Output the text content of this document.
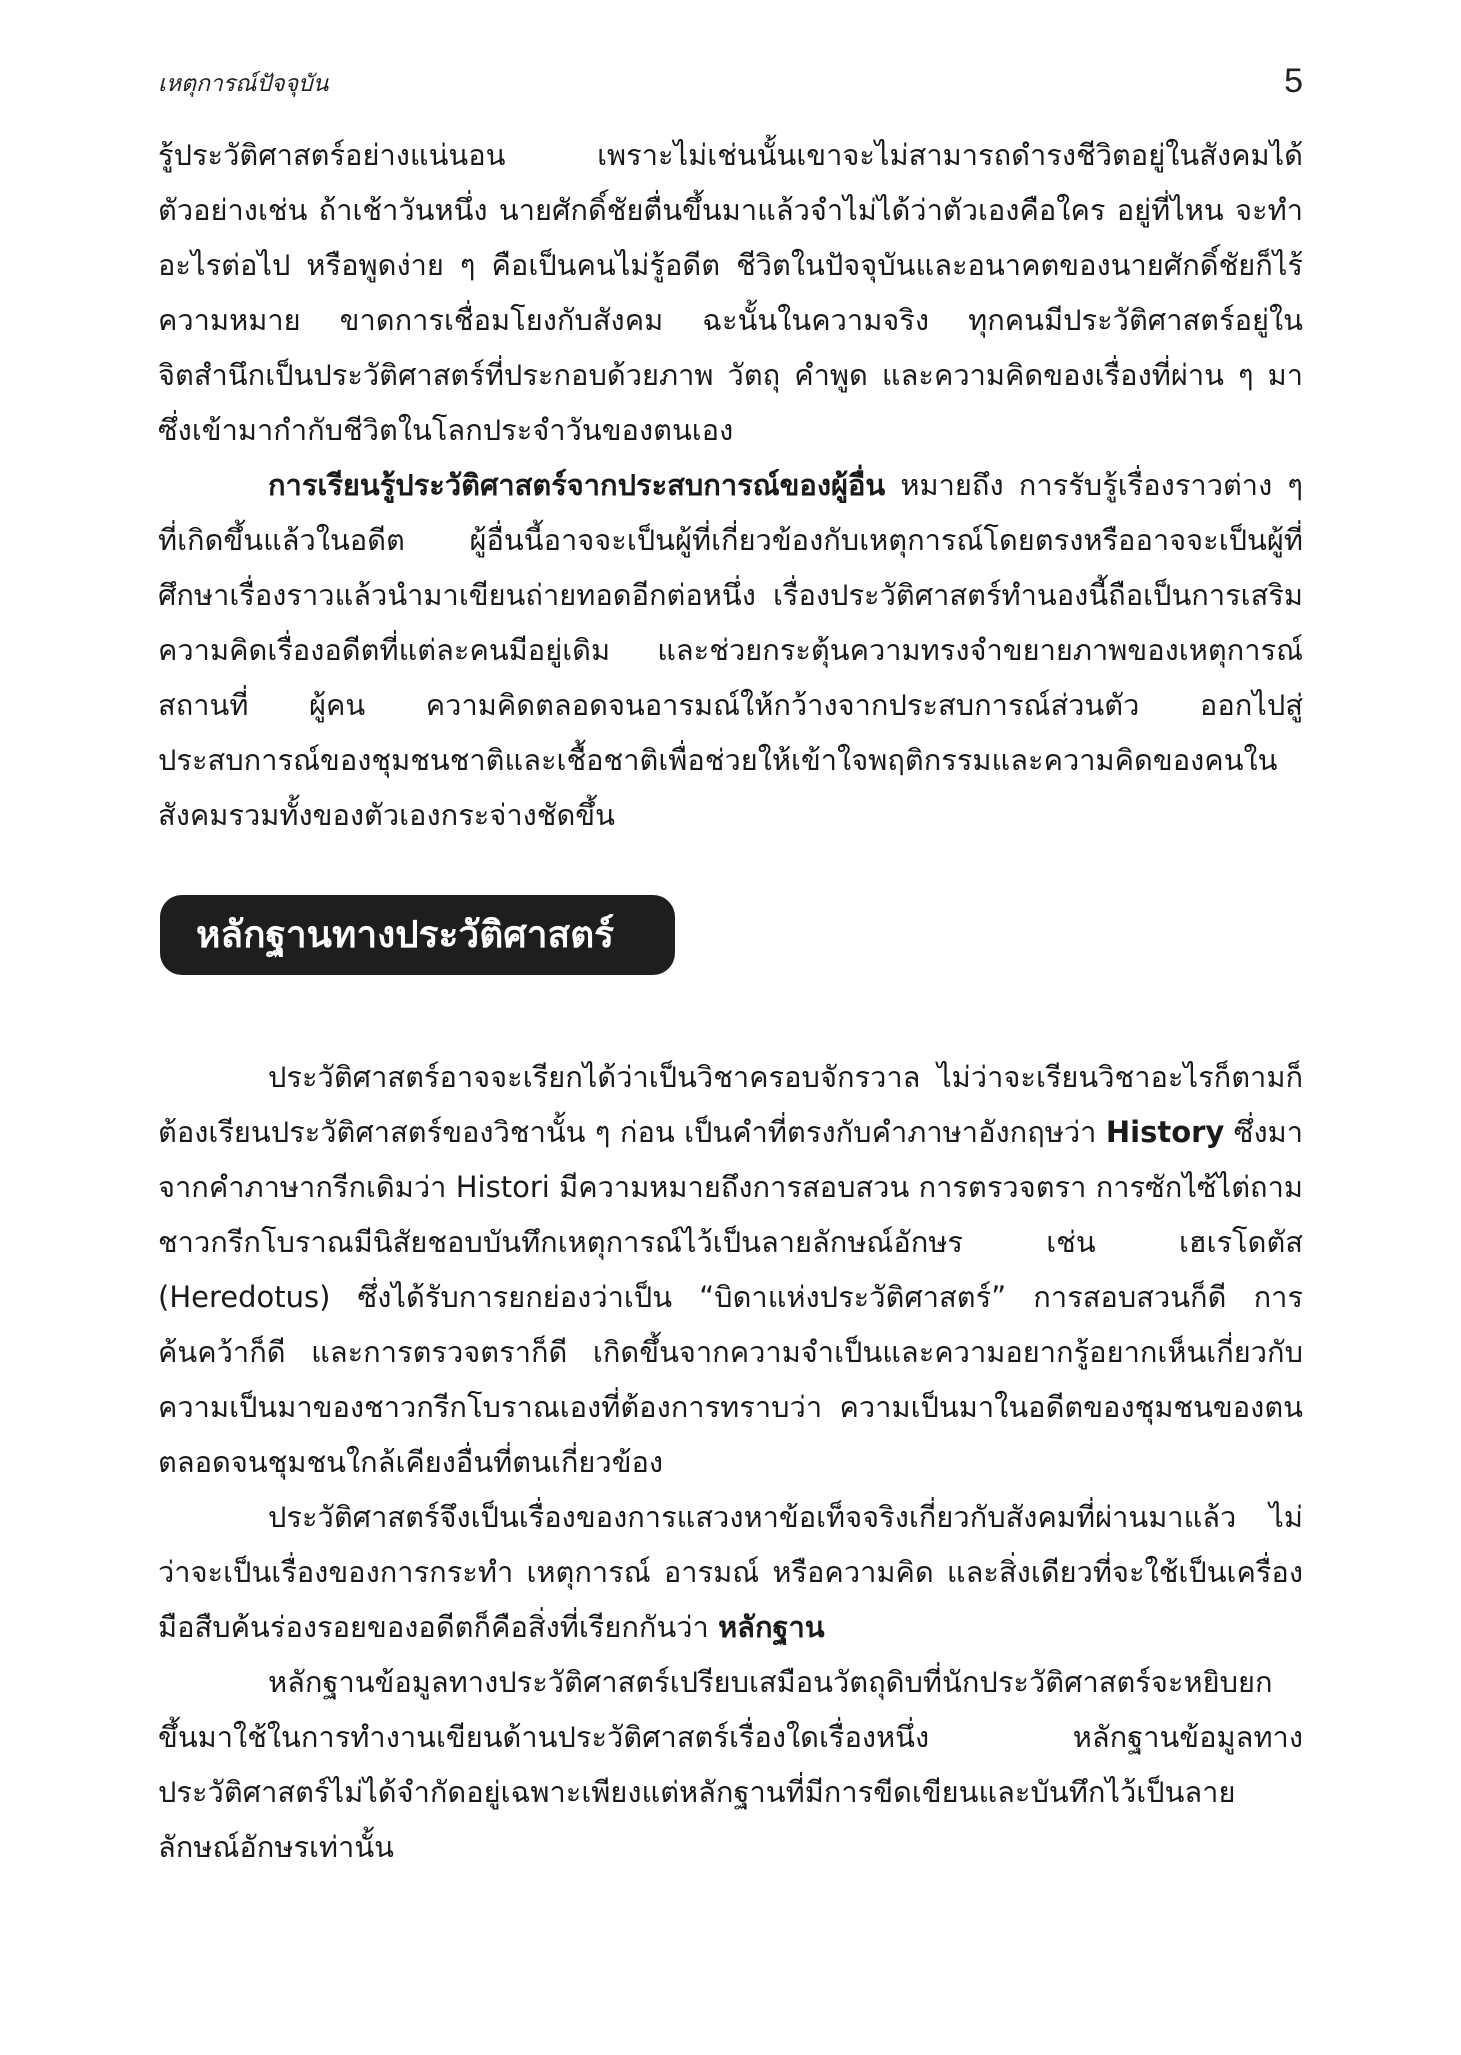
เหตุการณ์ปัจจุบัน	5

รู้ประวัติศาสตร์อย่างแน่นอน เพราะไม่เช่นนั้นเขาจะไม่สามารถดำรงชีวิตอยู่ในสังคมได้ ตัวอย่างเช่น ถ้าเช้าวันหนึ่ง นายศักดิ์ชัยตื่นขึ้นมาแล้วจำไม่ได้ว่าตัวเองคือใคร อยู่ที่ไหน จะทำอะไรต่อไป หรือพูดง่าย ๆ คือเป็นคนไม่รู้อดีต ชีวิตในปัจจุบันและอนาคตของนายศักดิ์ชัยก็ไร้ความหมาย ขาดการเชื่อมโยงกับสังคม ฉะนั้นในความจริง ทุกคนมีประวัติศาสตร์อยู่ในจิตสำนึกเป็นประวัติศาสตร์ที่ประกอบด้วยภาพ วัตถุ คำพูด และความคิดของเรื่องที่ผ่าน ๆ มา ซึ่งเข้ามากำกับชีวิตในโลกประจำวันของตนเอง

การเรียนรู้ประวัติศาสตร์จากประสบการณ์ของผู้อื่น หมายถึง การรับรู้เรื่องราวต่าง ๆ ที่เกิดขึ้นแล้วในอดีต ผู้อื่นนี้อาจจะเป็นผู้ที่เกี่ยวข้องกับเหตุการณ์โดยตรงหรืออาจจะเป็นผู้ที่ศึกษาเรื่องราวแล้วนำมาเขียนถ่ายทอดอีกต่อหนึ่ง เรื่องประวัติศาสตร์ทำนองนี้ถือเป็นการเสริมความคิดเรื่องอดีตที่แต่ละคนมีอยู่เดิม และช่วยกระตุ้นความทรงจำขยายภาพของเหตุการณ์ สถานที่ ผู้คน ความคิดตลอดจนอารมณ์ให้กว้างจากประสบการณ์ส่วนตัว ออกไปสู่ประสบการณ์ของชุมชนชาติและเชื้อชาติเพื่อช่วยให้เข้าใจพฤติกรรมและความคิดของคนในสังคมรวมทั้งของตัวเองกระจ่างชัดขึ้น

หลักฐานทางประวัติศาสตร์

ประวัติศาสตร์อาจจะเรียกได้ว่าเป็นวิชาครอบจักรวาล ไม่ว่าจะเรียนวิชาอะไรก็ตามก็ต้องเรียนประวัติศาสตร์ของวิชานั้น ๆ ก่อน เป็นคำที่ตรงกับคำภาษาอังกฤษว่า History ซึ่งมาจากคำภาษากรีกเดิมว่า Histori มีความหมายถึงการสอบสวน การตรวจตรา การซักไซ้ไต่ถาม ชาวกรีกโบราณมีนิสัยชอบบันทึกเหตุการณ์ไว้เป็นลายลักษณ์อักษร เช่น เฮเรโดตัส (Heredotus) ซึ่งได้รับการยกย่องว่าเป็น “บิดาแห่งประวัติศาสตร์” การสอบสวนก็ดี การค้นคว้าก็ดี และการตรวจตราก็ดี เกิดขึ้นจากความจำเป็นและความอยากรู้อยากเห็นเกี่ยวกับความเป็นมาของชาวกรีกโบราณเองที่ต้องการทราบว่า ความเป็นมาในอดีตของชุมชนของตนตลอดจนชุมชนใกล้เคียงอื่นที่ตนเกี่ยวข้อง

ประวัติศาสตร์จึงเป็นเรื่องของการแสวงหาข้อเท็จจริงเกี่ยวกับสังคมที่ผ่านมาแล้ว ไม่ว่าจะเป็นเรื่องของการกระทำ เหตุการณ์ อารมณ์ หรือความคิด และสิ่งเดียวที่จะใช้เป็นเครื่องมือสืบค้นร่องรอยของอดีตก็คือสิ่งที่เรียกกันว่า หลักฐาน

หลักฐานข้อมูลทางประวัติศาสตร์เปรียบเสมือนวัตถุดิบที่นักประวัติศาสตร์จะหยิบยกขึ้นมาใช้ในการทำงานเขียนด้านประวัติศาสตร์เรื่องใดเรื่องหนึ่ง หลักฐานข้อมูลทางประวัติศาสตร์ไม่ได้จำกัดอยู่เฉพาะเพียงแต่หลักฐานที่มีการขีดเขียนและบันทึกไว้เป็นลายลักษณ์อักษรเท่านั้น
